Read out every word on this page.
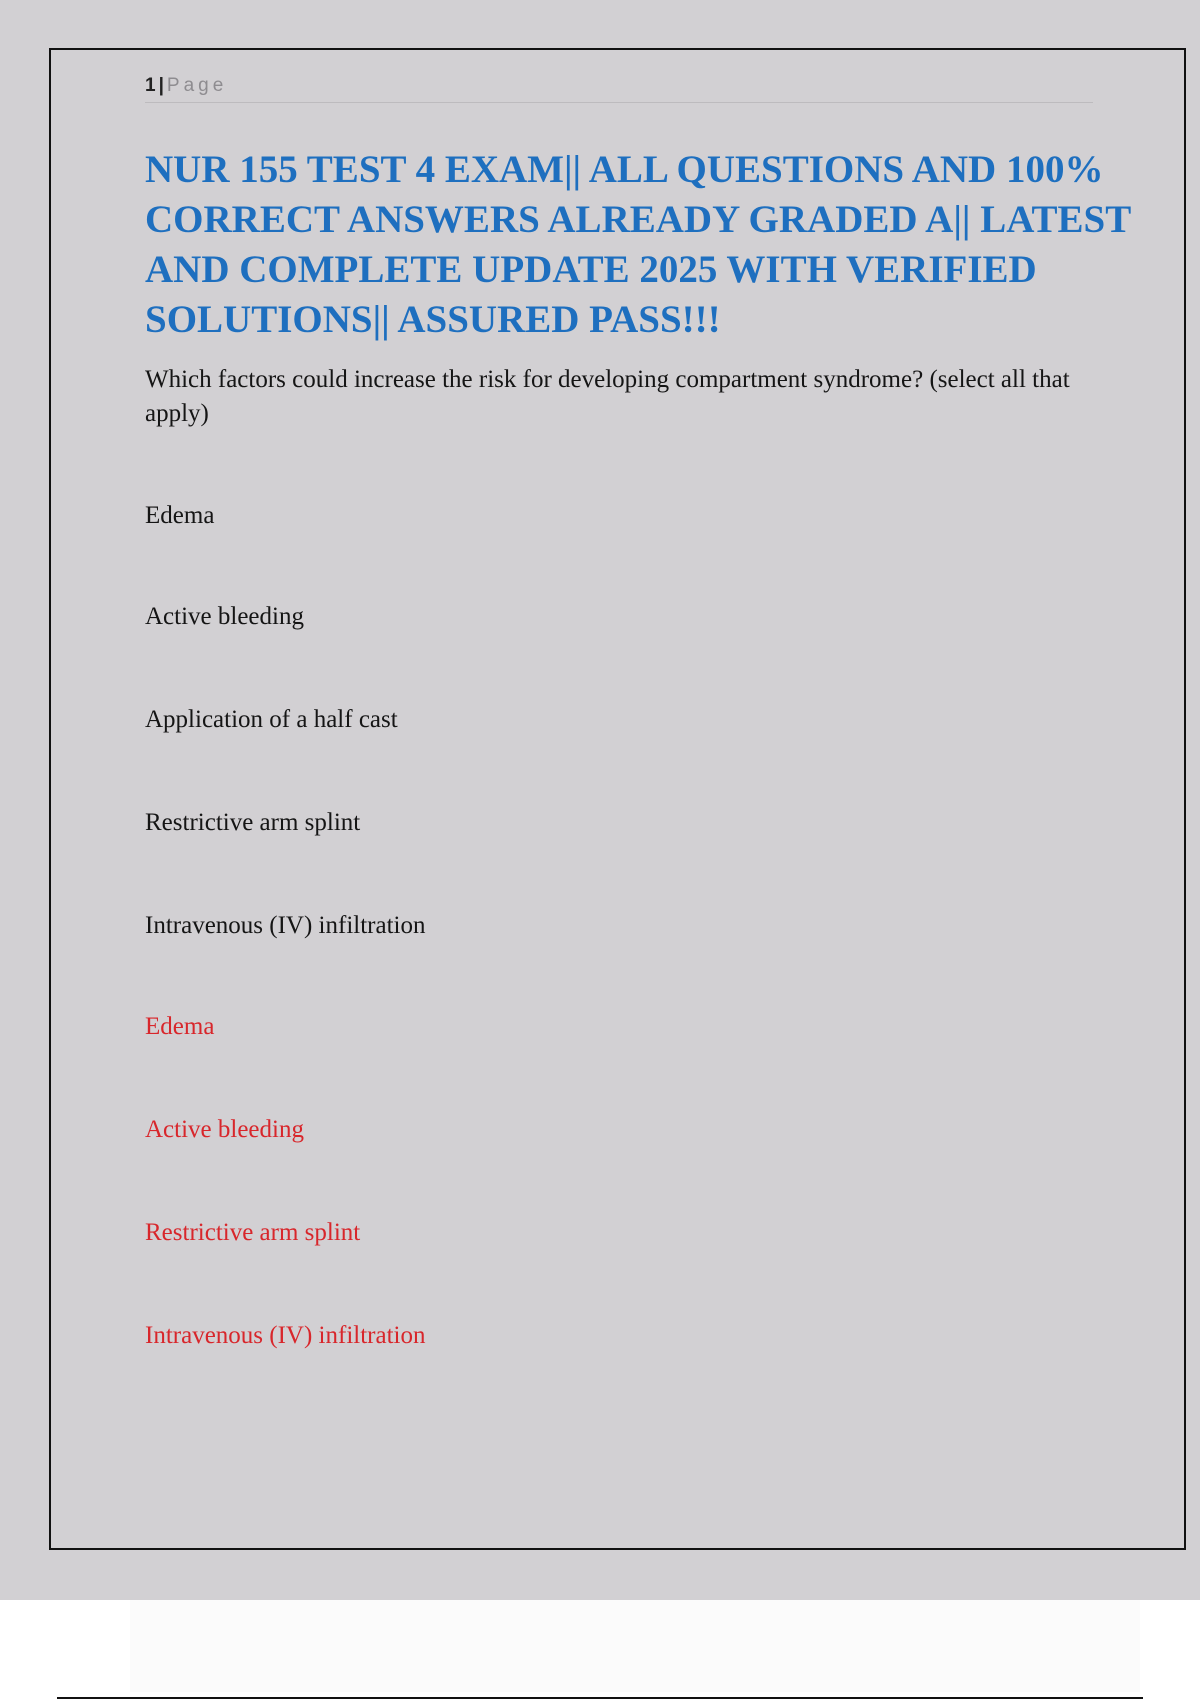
1 | Page
NUR 155 TEST 4 EXAM|| ALL QUESTIONS AND 100% CORRECT ANSWERS ALREADY GRADED A|| LATEST AND COMPLETE UPDATE 2025 WITH VERIFIED SOLUTIONS|| ASSURED PASS!!!

Which factors could increase the risk for developing compartment syndrome? (select all that apply)

Edema

Active bleeding

Application of a half cast

Restrictive arm splint

Intravenous (IV) infiltration

Edema

Active bleeding

Restrictive arm splint

Intravenous (IV) infiltration
